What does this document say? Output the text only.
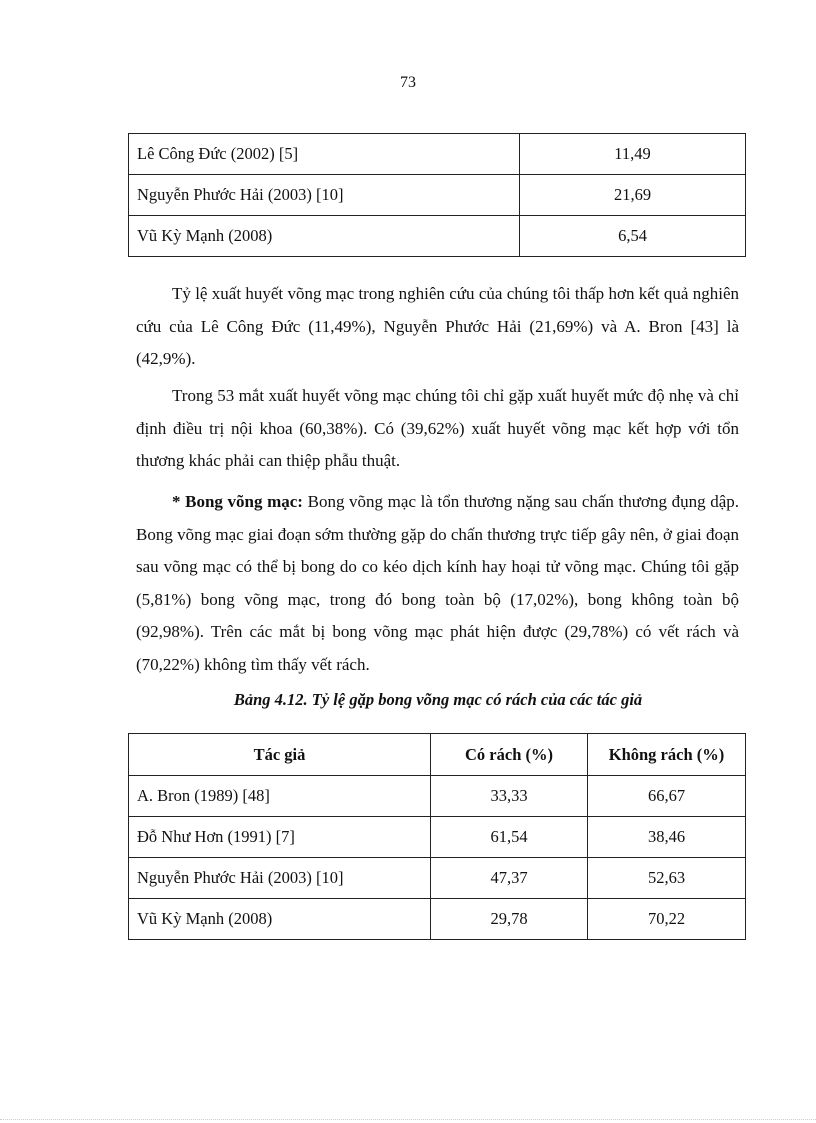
73
Lê Công Đức (2002) [5]	11,49
Nguyễn Phước Hải (2003) [10]	21,69
Vũ Kỳ Mạnh (2008)	6,54

Tỷ lệ xuất huyết võng mạc trong nghiên cứu của chúng tôi thấp hơn kết quả nghiên cứu của Lê Công Đức (11,49%), Nguyễn Phước Hải (21,69%) và A. Bron [43] là (42,9%).

Trong 53 mắt xuất huyết võng mạc chúng tôi chỉ gặp xuất huyết mức độ nhẹ và chỉ định điều trị nội khoa (60,38%). Có (39,62%) xuất huyết võng mạc kết hợp với tổn thương khác phải can thiệp phẫu thuật.

* Bong võng mạc: Bong võng mạc là tổn thương nặng sau chấn thương đụng dập. Bong võng mạc giai đoạn sớm thường gặp do chấn thương trực tiếp gây nên, ở giai đoạn sau võng mạc có thể bị bong do co kéo dịch kính hay hoại tử võng mạc. Chúng tôi gặp (5,81%) bong võng mạc, trong đó bong toàn bộ (17,02%), bong không toàn bộ (92,98%). Trên các mắt bị bong võng mạc phát hiện được (29,78%) có vết rách và (70,22%) không tìm thấy vết rách.

Bảng 4.12. Tỷ lệ gặp bong võng mạc có rách của các tác giả
Tác giả	Có rách (%)	Không rách (%)
A. Bron (1989) [48]	33,33	66,67
Đỗ Như Hơn (1991) [7]	61,54	38,46
Nguyễn Phước Hải (2003) [10]	47,37	52,63
Vũ Kỳ Mạnh (2008)	29,78	70,22
